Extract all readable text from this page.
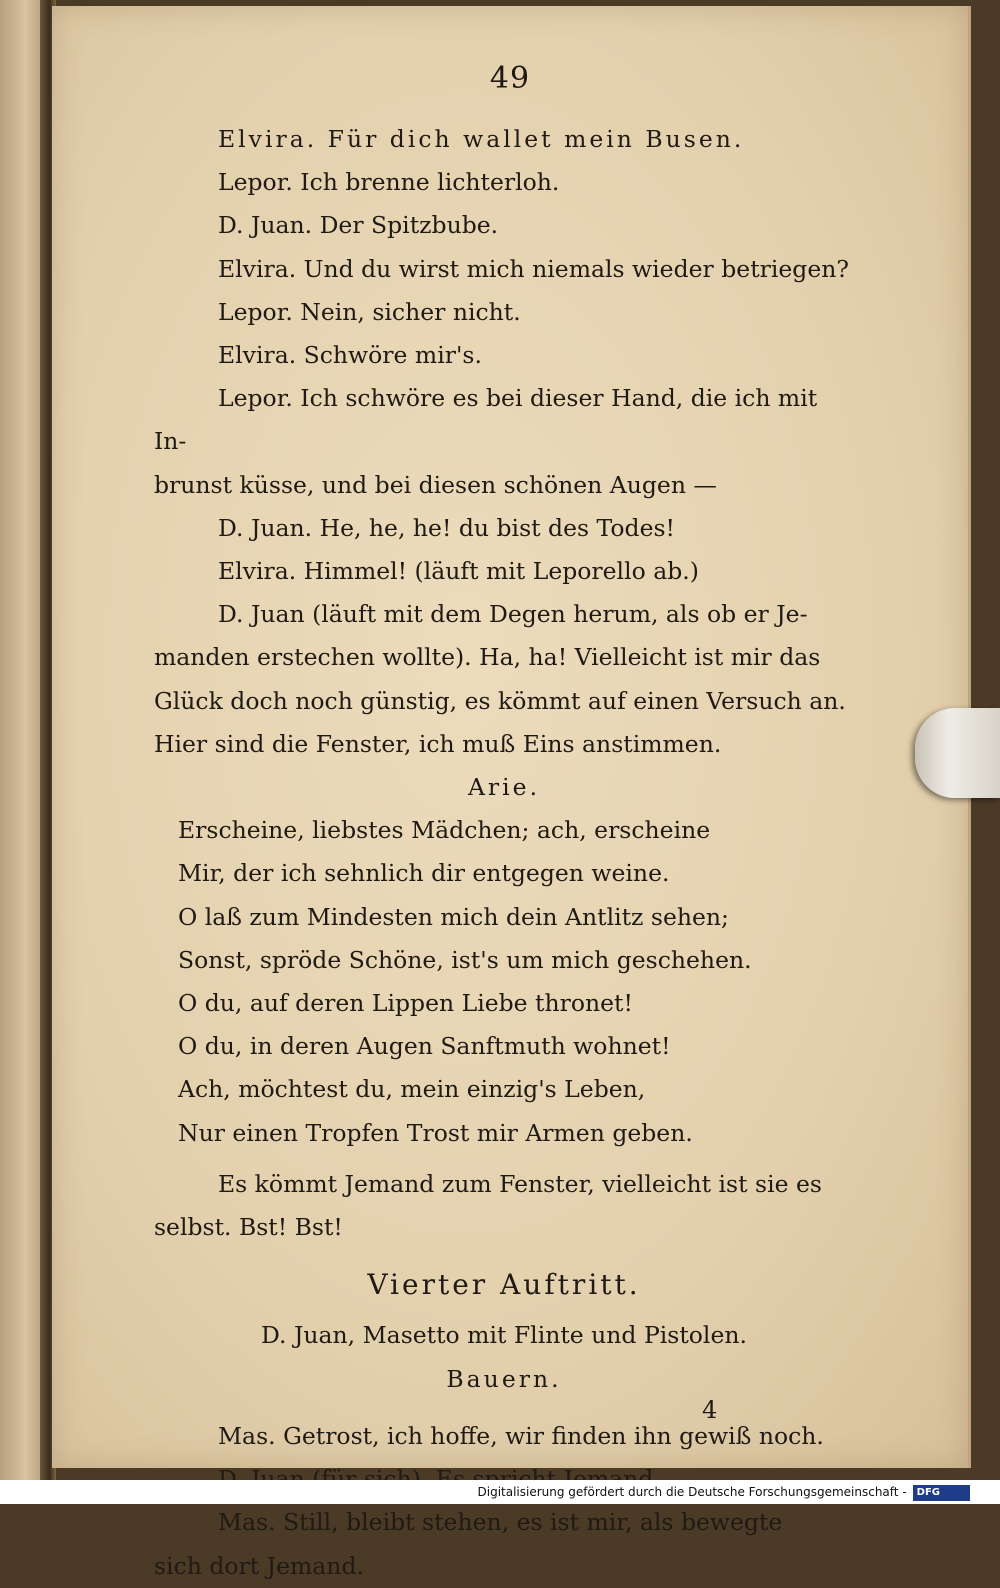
49

Elvira. Für dich wallet mein Busen.

Lepor. Ich brenne lichterloh.

D. Juan. Der Spitzbube.

Elvira. Und du wirst mich niemals wieder betriegen?

Lepor. Nein, sicher nicht.

Elvira. Schwöre mir's.

Lepor. Ich schwöre es bei dieser Hand, die ich mit In-

brunst küsse, und bei diesen schönen Augen —

D. Juan. He, he, he! du bist des Todes!

Elvira. Himmel! (läuft mit Leporello ab.)

D. Juan (läuft mit dem Degen herum, als ob er Je-

manden erstechen wollte). Ha, ha! Vielleicht ist mir das

Glück doch noch günstig, es kömmt auf einen Versuch an.

Hier sind die Fenster, ich muß Eins anstimmen.

Arie.

Erscheine, liebstes Mädchen; ach, erscheine

Mir, der ich sehnlich dir entgegen weine.

O laß zum Mindesten mich dein Antlitz sehen;

Sonst, spröde Schöne, ist's um mich geschehen.

O du, auf deren Lippen Liebe thronet!

O du, in deren Augen Sanftmuth wohnet!

Ach, möchtest du, mein einzig's Leben,

Nur einen Tropfen Trost mir Armen geben.

Es kömmt Jemand zum Fenster, vielleicht ist sie es

selbst. Bst! Bst!

Vierter Auftritt.

D. Juan, Masetto mit Flinte und Pistolen.

Bauern.

Mas. Getrost, ich hoffe, wir finden ihn gewiß noch.

Mas. Still, bleibt stehen, es ist mir, als bewegte

sich dort Jemand.

4
Digitalisierung gefördert durch die Deutsche Forschungsgemeinschaft - DFG
